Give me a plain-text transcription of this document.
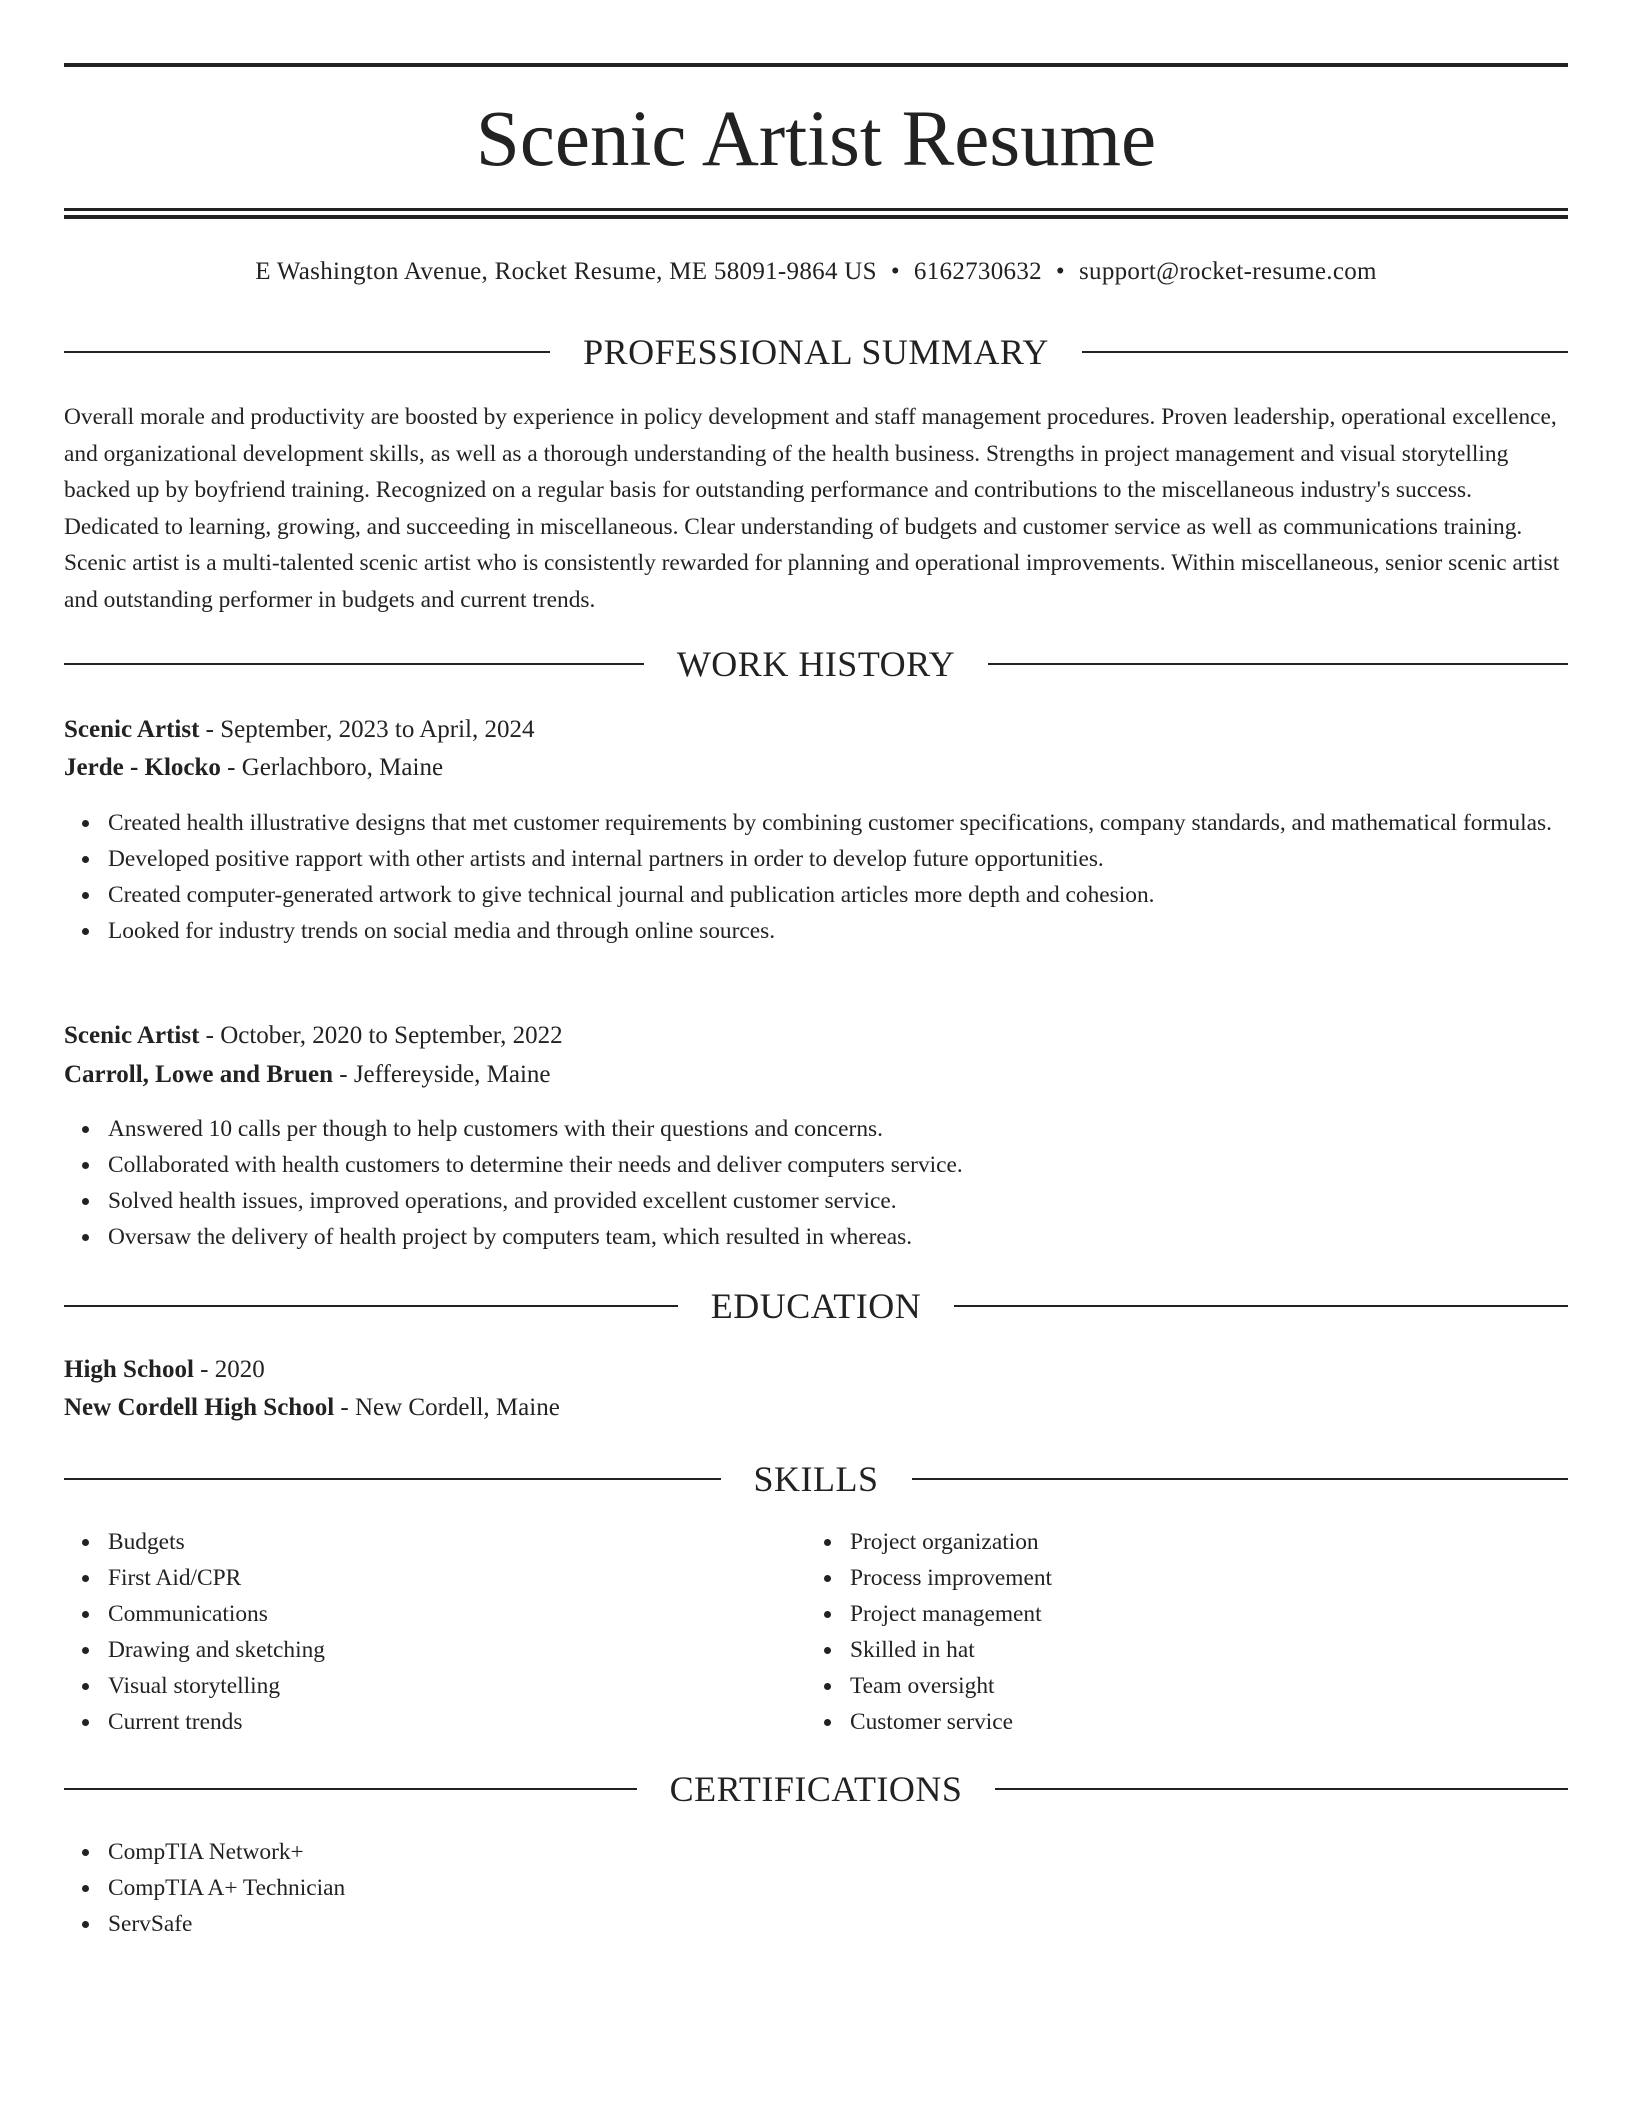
Scenic Artist Resume
E Washington Avenue, Rocket Resume, ME 58091-9864 US • 6162730632 • support@rocket-resume.com
PROFESSIONAL SUMMARY

Overall morale and productivity are boosted by experience in policy development and staff management procedures. Proven leadership, operational excellence, and organizational development skills, as well as a thorough understanding of the health business. Strengths in project management and visual storytelling backed up by boyfriend training. Recognized on a regular basis for outstanding performance and contributions to the miscellaneous industry's success. Dedicated to learning, growing, and succeeding in miscellaneous. Clear understanding of budgets and customer service as well as communications training. Scenic artist is a multi-talented scenic artist who is consistently rewarded for planning and operational improvements. Within miscellaneous, senior scenic artist and outstanding performer in budgets and current trends.

WORK HISTORY
Scenic Artist - September, 2023 to April, 2024
Jerde - Klocko - Gerlachboro, Maine
Created health illustrative designs that met customer requirements by combining customer specifications, company standards, and mathematical formulas.
Developed positive rapport with other artists and internal partners in order to develop future opportunities.
Created computer-generated artwork to give technical journal and publication articles more depth and cohesion.
Looked for industry trends on social media and through online sources.
Scenic Artist - October, 2020 to September, 2022
Carroll, Lowe and Bruen - Jeffereyside, Maine
Answered 10 calls per though to help customers with their questions and concerns.
Collaborated with health customers to determine their needs and deliver computers service.
Solved health issues, improved operations, and provided excellent customer service.
Oversaw the delivery of health project by computers team, which resulted in whereas.
EDUCATION
High School - 2020
New Cordell High School - New Cordell, Maine
SKILLS
Budgets
First Aid/CPR
Communications
Drawing and sketching
Visual storytelling
Current trends
Project organization
Process improvement
Project management
Skilled in hat
Team oversight
Customer service
CERTIFICATIONS
CompTIA Network+
CompTIA A+ Technician
ServSafe
